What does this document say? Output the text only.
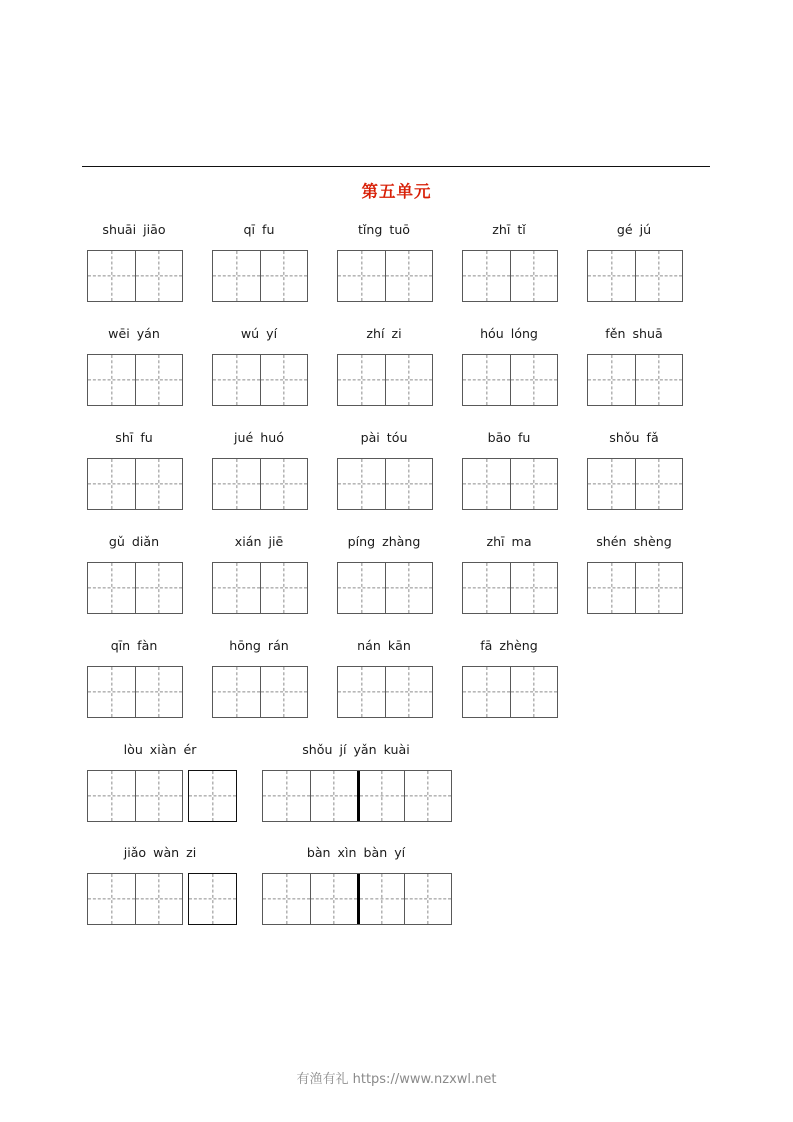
第五单元
shuāi jiāo	qī fu	tǐng tuō	zhī tǐ	gé jú
wēi yán	wú yí	zhí zi	hóu lóng	fěn shuā
shī fu	jué huó	pài tóu	bāo fu	shǒu fǎ
gǔ diǎn	xián jiē	píng zhàng	zhī ma	shén shèng
qīn fàn	hōng rán	nán kān	fā zhèng
lòu xiàn ér	shǒu jí yǎn kuài
jiǎo wàn zi	bàn xìn bàn yí
有渔有礼 https://www.nzxwl.net
